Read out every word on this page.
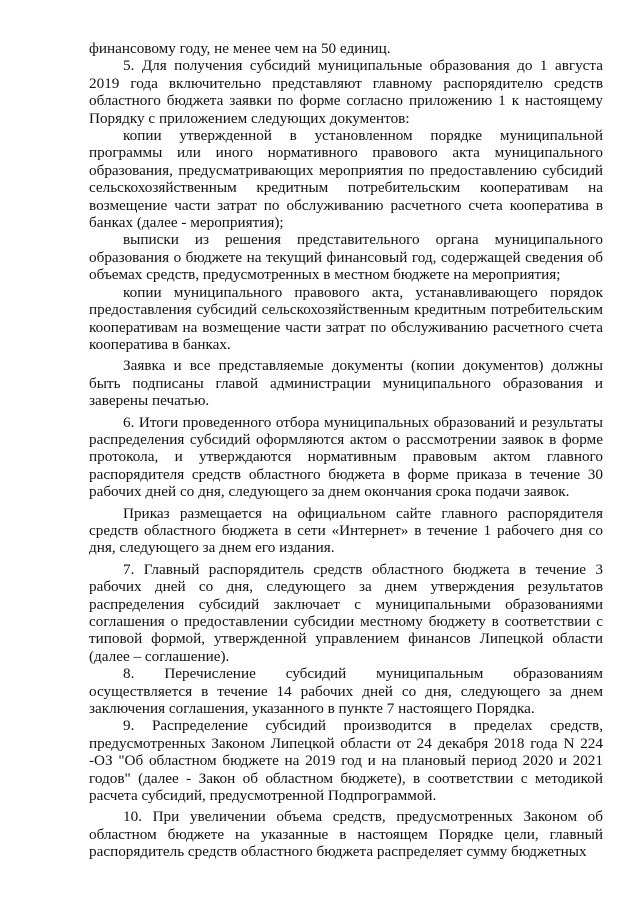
финансовому году, не менее чем на 50 единиц.

5. Для получения субсидий муниципальные образования до 1 августа 2019 года включительно представляют главному распорядителю средств областного бюджета заявки по форме согласно приложению 1 к настоящему Порядку с приложением следующих документов:

копии утвержденной в установленном порядке муниципальной программы или иного нормативного правового акта муниципального образования, предусматривающих мероприятия по предоставлению субсидий сельскохозяйственным кредитным потребительским кооперативам на возмещение части затрат по обслуживанию расчетного счета кооператива в банках (далее - мероприятия);

выписки из решения представительного органа муниципального образования о бюджете на текущий финансовый год, содержащей сведения об объемах средств, предусмотренных в местном бюджете на мероприятия;

копии муниципального правового акта, устанавливающего порядок предоставления субсидий сельскохозяйственным кредитным потребительским кооперативам на возмещение части затрат по обслуживанию расчетного счета кооператива в банках.

Заявка и все представляемые документы (копии документов) должны быть подписаны главой администрации муниципального образования и заверены печатью.

6. Итоги проведенного отбора муниципальных образований и результаты распределения субсидий оформляются актом о рассмотрении заявок в форме протокола, и утверждаются нормативным правовым актом главного распорядителя средств областного бюджета в форме приказа в течение 30 рабочих дней со дня, следующего за днем окончания срока подачи заявок.

Приказ размещается на официальном сайте главного распорядителя средств областного бюджета в сети «Интернет» в течение 1 рабочего дня со дня, следующего за днем его издания.

7. Главный распорядитель средств областного бюджета в течение 3 рабочих дней со дня, следующего за днем утверждения результатов распределения субсидий заключает с муниципальными образованиями соглашения о предоставлении субсидии местному бюджету в соответствии с типовой формой, утвержденной управлением финансов Липецкой области (далее – соглашение).

8. Перечисление субсидий муниципальным образованиям осуществляется в течение 14 рабочих дней со дня, следующего за днем заключения соглашения, указанного в пункте 7 настоящего Порядка.

9. Распределение субсидий производится в пределах средств, предусмотренных Законом Липецкой области от 24 декабря 2018 года N 224 -ОЗ "Об областном бюджете на 2019 год и на плановый период 2020 и 2021 годов" (далее - Закон об областном бюджете), в соответствии с методикой расчета субсидий, предусмотренной Подпрограммой.

10. При увеличении объема средств, предусмотренных Законом об областном бюджете на указанные в настоящем Порядке цели, главный распорядитель средств областного бюджета распределяет сумму бюджетных
